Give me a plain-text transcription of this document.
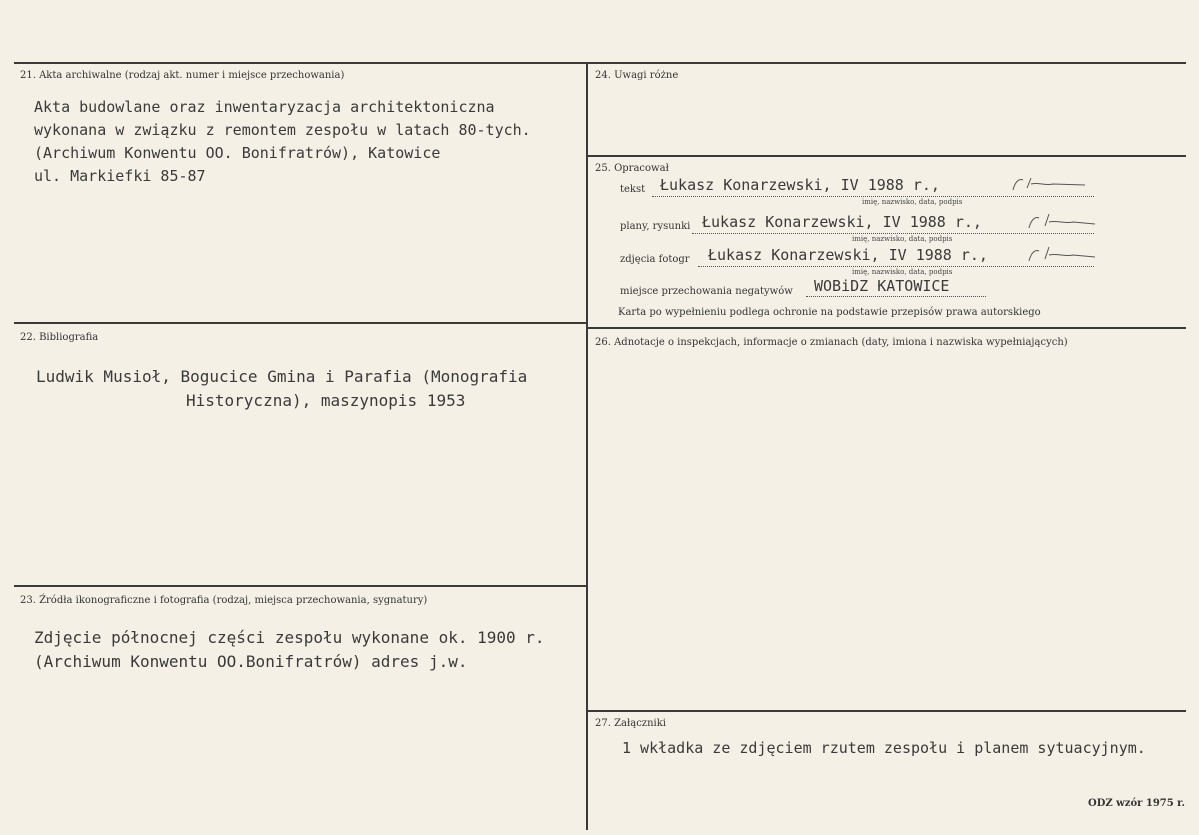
21. Akta archiwalne (rodzaj akt. numer i miejsce przechowania)
Akta budowlane oraz inwentaryzacja architektoniczna
wykonana w związku z remontem zespołu w latach 80-tych.
(Archiwum Konwentu OO. Bonifratrów), Katowice
ul. Markiefki 85-87
22. Bibliografia
Ludwik Musioł, Bogucice Gmina i Parafia (Monografia
Historyczna), maszynopis 1953
23. Źródła ikonograficzne i fotografia (rodzaj, miejsca przechowania, sygnatury)
Zdjęcie północnej części zespołu wykonane ok. 1900 r.
(Archiwum Konwentu OO.Bonifratrów) adres j.w.
24. Uwagi różne
25. Opracował
tekst Łukasz Konarzewski, IV 1988 r.,
imię, nazwisko, data, podpis
plany, rysunki Łukasz Konarzewski, IV 1988 r.,
imię, nazwisko, data, podpis
zdjęcia fotogr Łukasz Konarzewski, IV 1988 r.,
imię, nazwisko, data, podpis
miejsce przechowania negatywów WOBiDZ KATOWICE
Karta po wypełnieniu podlega ochronie na podstawie przepisów prawa autorskiego
26. Adnotacje o inspekcjach, informacje o zmianach (daty, imiona i nazwiska wypełniających)
27. Załączniki
1 wkładka ze zdjęciem rzutem zespołu i planem sytuacyjnym.
ODZ wzór 1975 r.
